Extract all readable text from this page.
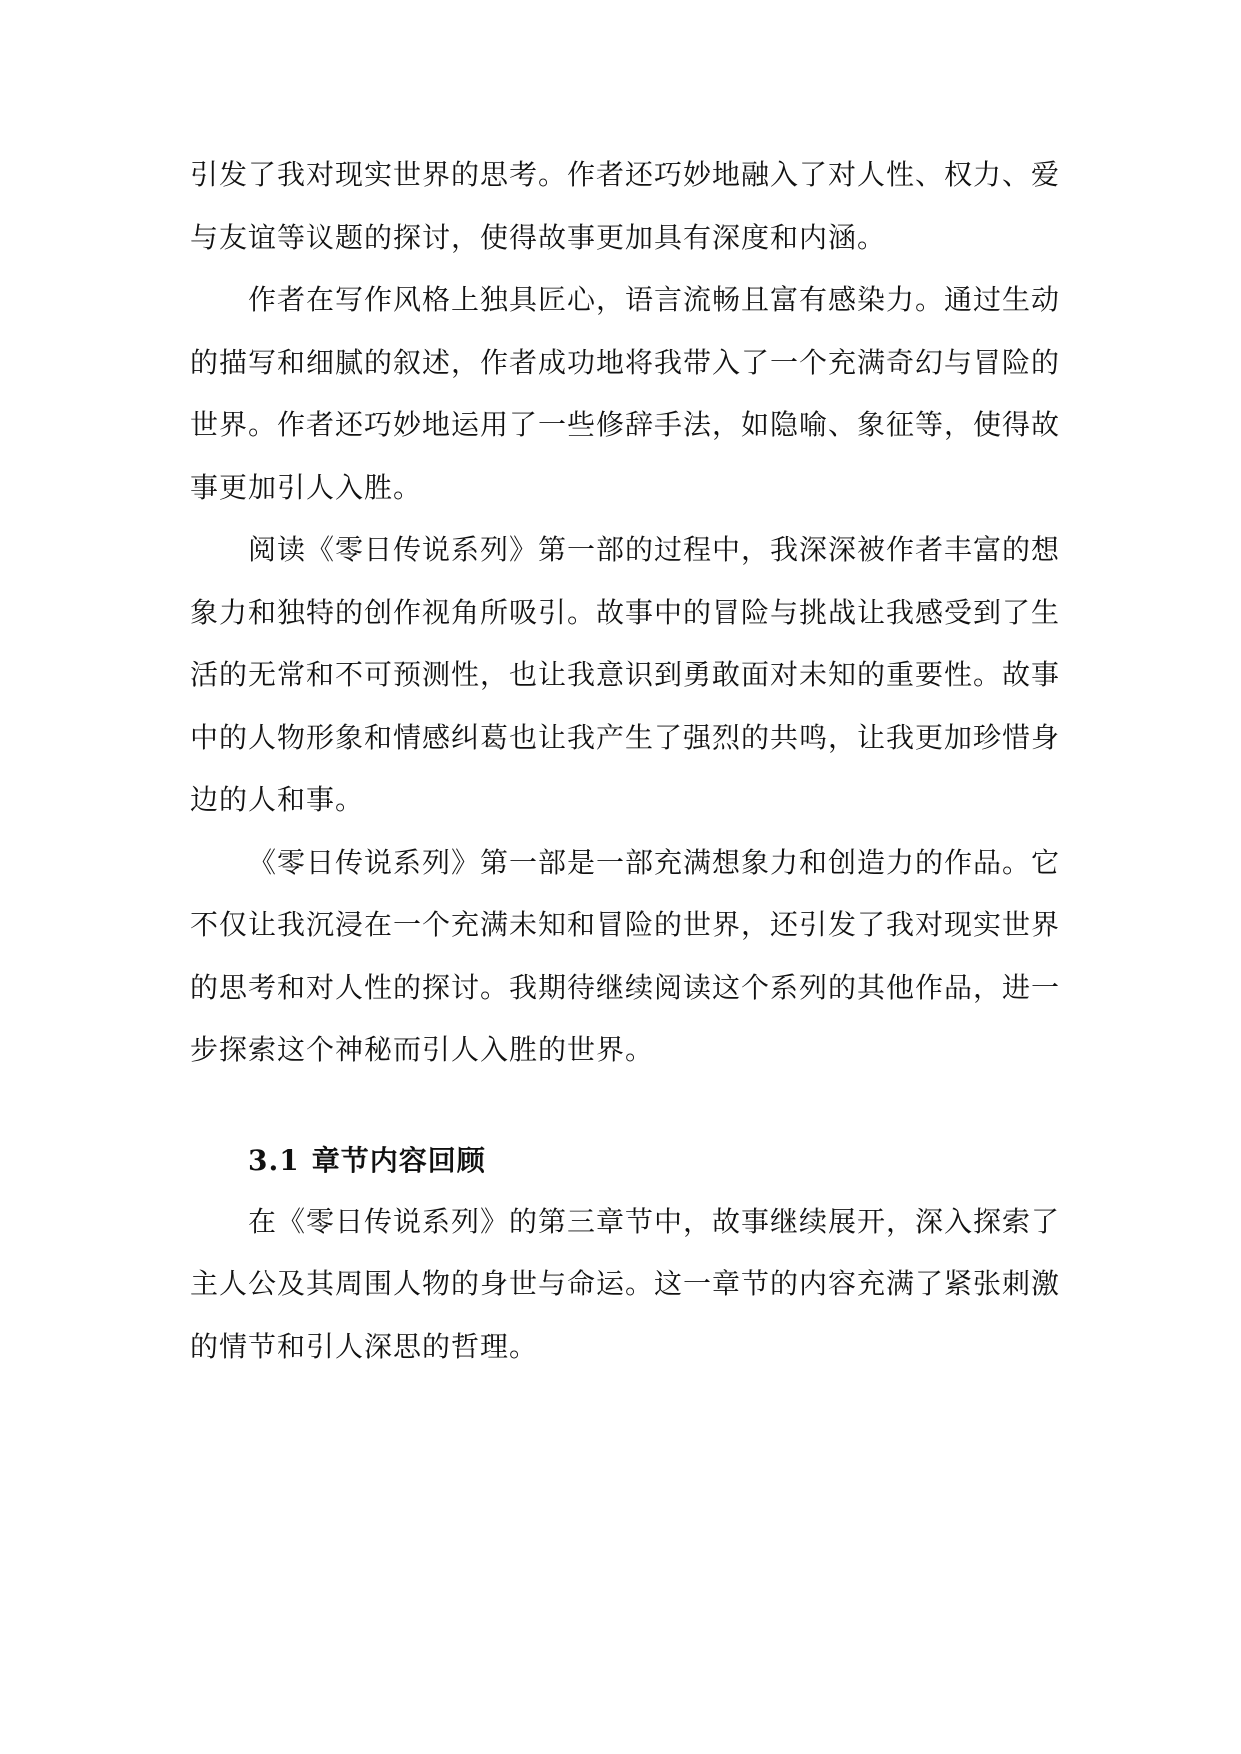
引发了我对现实世界的思考。作者还巧妙地融入了对人性、权力、爱与友谊等议题的探讨，使得故事更加具有深度和内涵。

作者在写作风格上独具匠心，语言流畅且富有感染力。通过生动的描写和细腻的叙述，作者成功地将我带入了一个充满奇幻与冒险的世界。作者还巧妙地运用了一些修辞手法，如隐喻、象征等，使得故事更加引人入胜。

阅读《零日传说系列》第一部的过程中，我深深被作者丰富的想象力和独特的创作视角所吸引。故事中的冒险与挑战让我感受到了生活的无常和不可预测性，也让我意识到勇敢面对未知的重要性。故事中的人物形象和情感纠葛也让我产生了强烈的共鸣，让我更加珍惜身边的人和事。

《零日传说系列》第一部是一部充满想象力和创造力的作品。它不仅让我沉浸在一个充满未知和冒险的世界，还引发了我对现实世界的思考和对人性的探讨。我期待继续阅读这个系列的其他作品，进一步探索这个神秘而引人入胜的世界。

3.1 章节内容回顾

在《零日传说系列》的第三章节中，故事继续展开，深入探索了主人公及其周围人物的身世与命运。这一章节的内容充满了紧张刺激的情节和引人深思的哲理。
